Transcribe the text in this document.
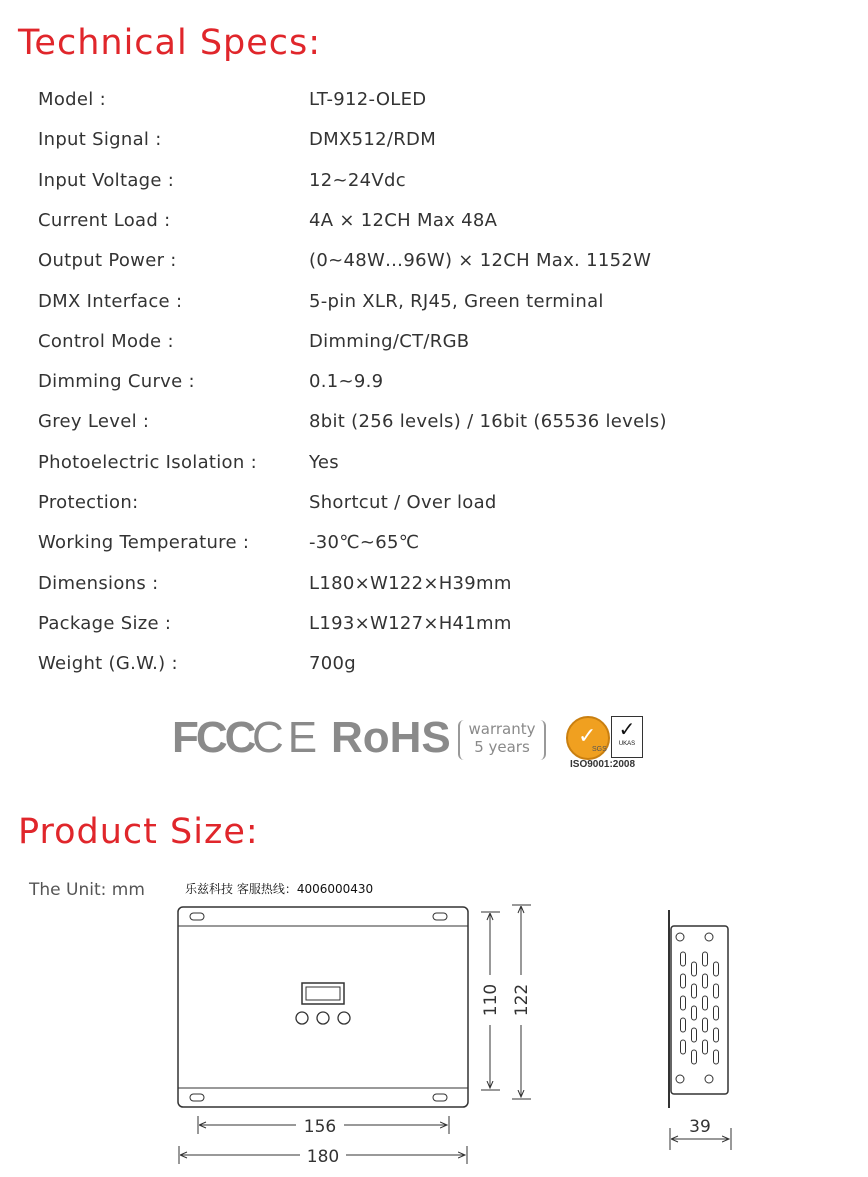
Technical Specs:
Model :	LT-912-OLED
Input Signal :	DMX512/RDM
Input Voltage :	12~24Vdc
Current Load :	4A × 12CH Max 48A
Output Power :	(0~48W…96W) × 12CH Max. 1152W
DMX Interface :	5-pin XLR, RJ45, Green terminal
Control Mode :	Dimming/CT/RGB
Dimming Curve :	0.1~9.9
Grey Level :	8bit (256 levels) / 16bit (65536 levels)
Photoelectric Isolation :	Yes
Protection:	Shortcut / Over load
Working Temperature :	-30℃~65℃
Dimensions :	L180×W122×H39mm
Package Size :	L193×W127×H41mm
Weight (G.W.) :	700g
FCC
CE RoHS	warranty
5 years	✓
SGS
✓
UKAS
ISO9001:2008
Product Size:
The Unit: mm	乐兹科技 客服热线：4006000430
156
180
110 122
39
